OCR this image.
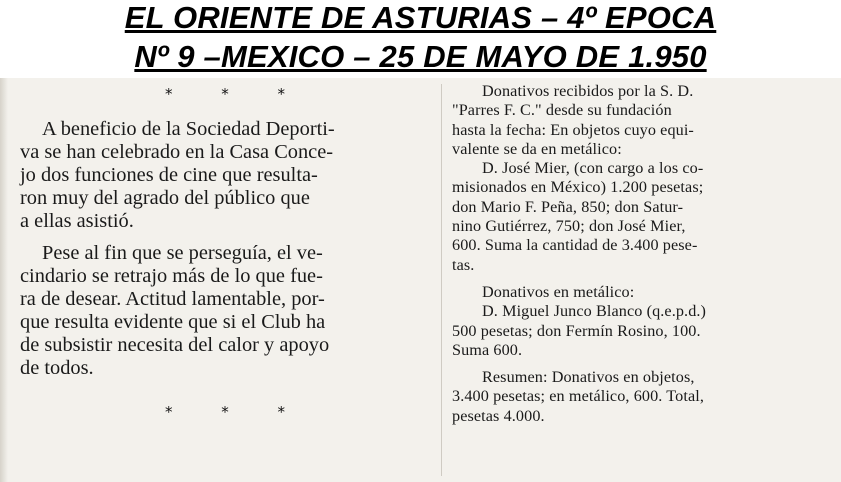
EL ORIENTE DE ASTURIAS – 4º EPOCA
Nº 9 –MEXICO – 25 DE MAYO DE 1.950
* * *

A beneficio de la Sociedad Deporti-
va se han celebrado en la Casa Conce-
jo dos funciones de cine que resulta-
ron muy del agrado del público que
a ellas asistió.

Pese al fin que se perseguía, el ve-
cindario se retrajo más de lo que fue-
ra de desear. Actitud lamentable, por-
que resulta evidente que si el Club ha
de subsistir necesita del calor y apoyo
de todos.

* * *

Donativos recibidos por la S. D.
"Parres F. C." desde su fundación
hasta la fecha: En objetos cuyo equi-
valente se da en metálico:

D. José Mier, (con cargo a los co-
misionados en México) 1.200 pesetas;
don Mario F. Peña, 850; don Satur-
nino Gutiérrez, 750; don José Mier,
600. Suma la cantidad de 3.400 pese-
tas.

Donativos en metálico:

D. Miguel Junco Blanco (q.e.p.d.)
500 pesetas; don Fermín Rosino, 100.
Suma 600.

Resumen: Donativos en objetos,
3.400 pesetas; en metálico, 600. Total,
pesetas 4.000.
